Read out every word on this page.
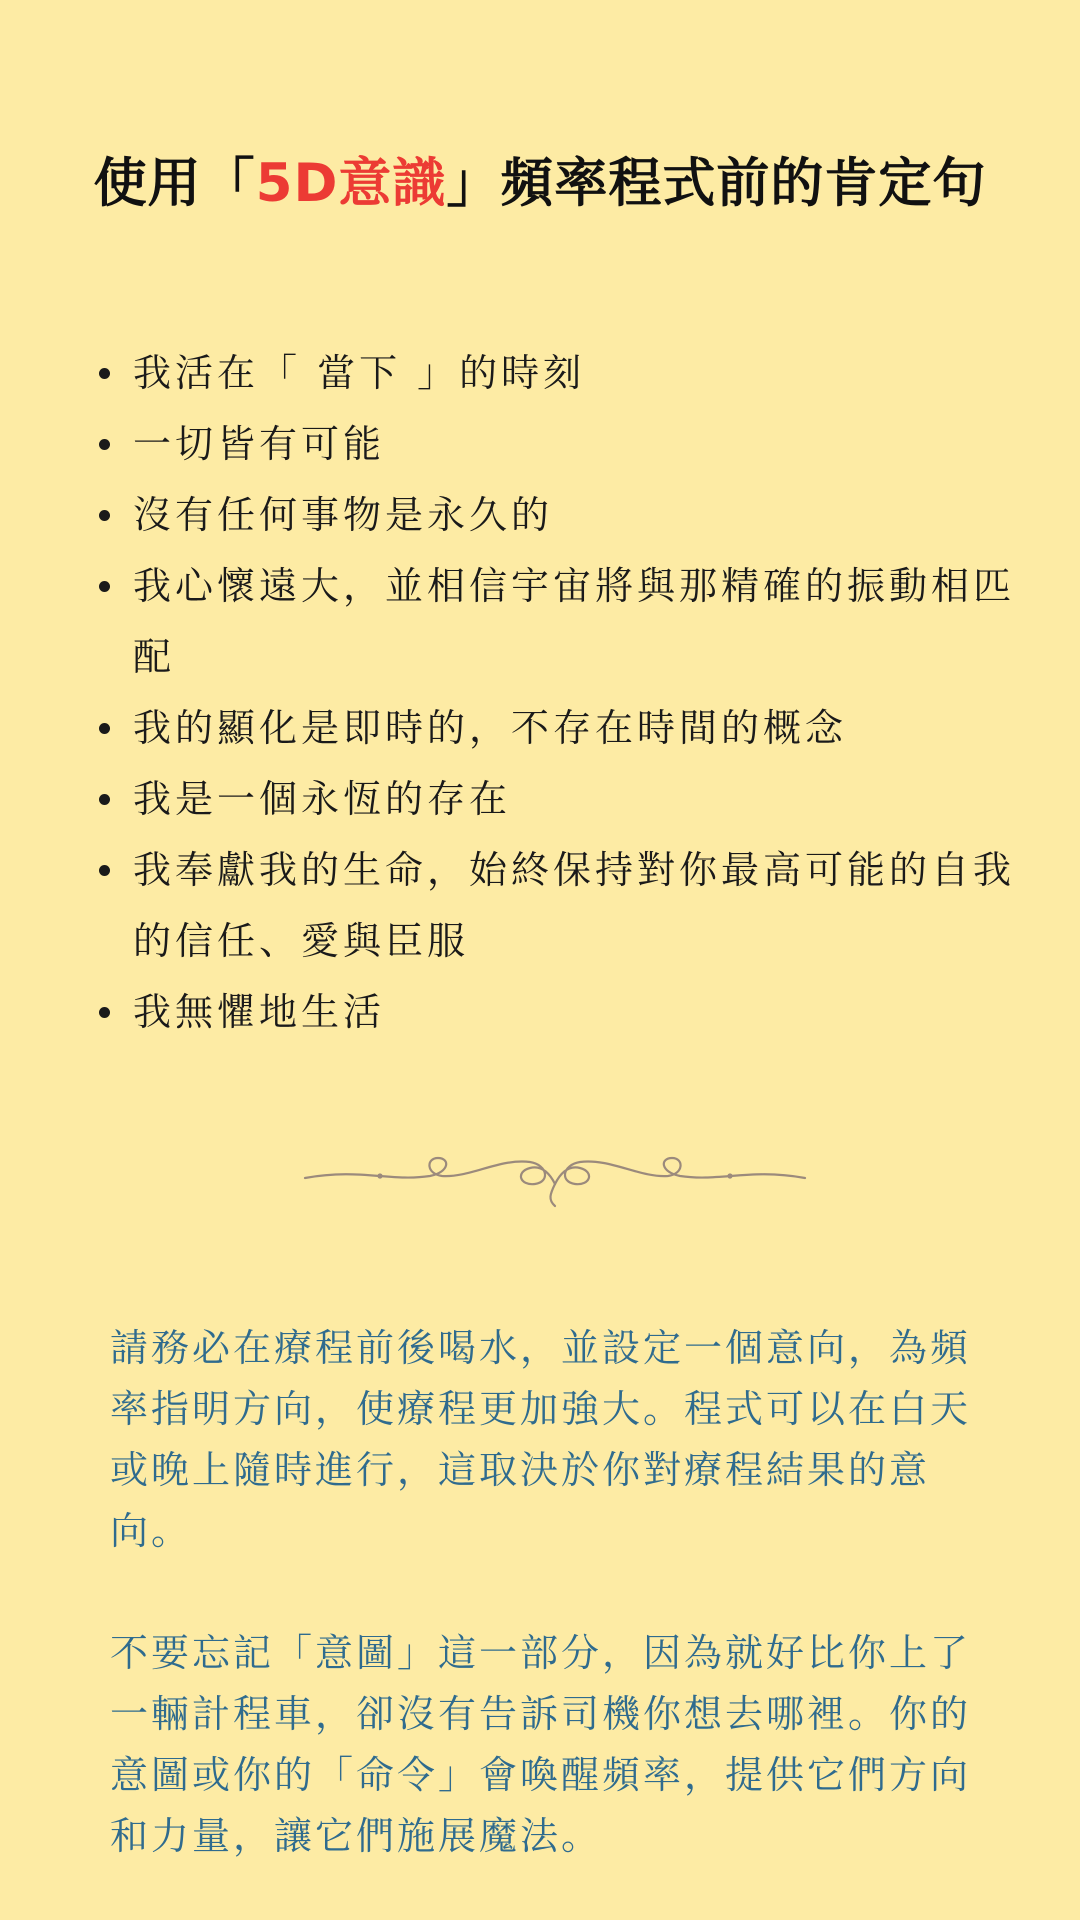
使用「5D意識」頻率程式前的肯定句
我活在「 當下 」的時刻
一切皆有可能
沒有任何事物是永久的
我心懷遠大，並相信宇宙將與那精確的振動相匹配
我的顯化是即時的，不存在時間的概念
我是一個永恆的存在
我奉獻我的生命，始終保持對你最高可能的自我的信任、愛與臣服
我無懼地生活

請務必在療程前後喝水，並設定一個意向，為頻率指明方向，使療程更加強大。程式可以在白天或晚上隨時進行，這取決於你對療程結果的意向。

不要忘記「意圖」這一部分，因為就好比你上了一輛計程車，卻沒有告訴司機你想去哪裡。你的意圖或你的「命令」會喚醒頻率，提供它們方向和力量，讓它們施展魔法。
